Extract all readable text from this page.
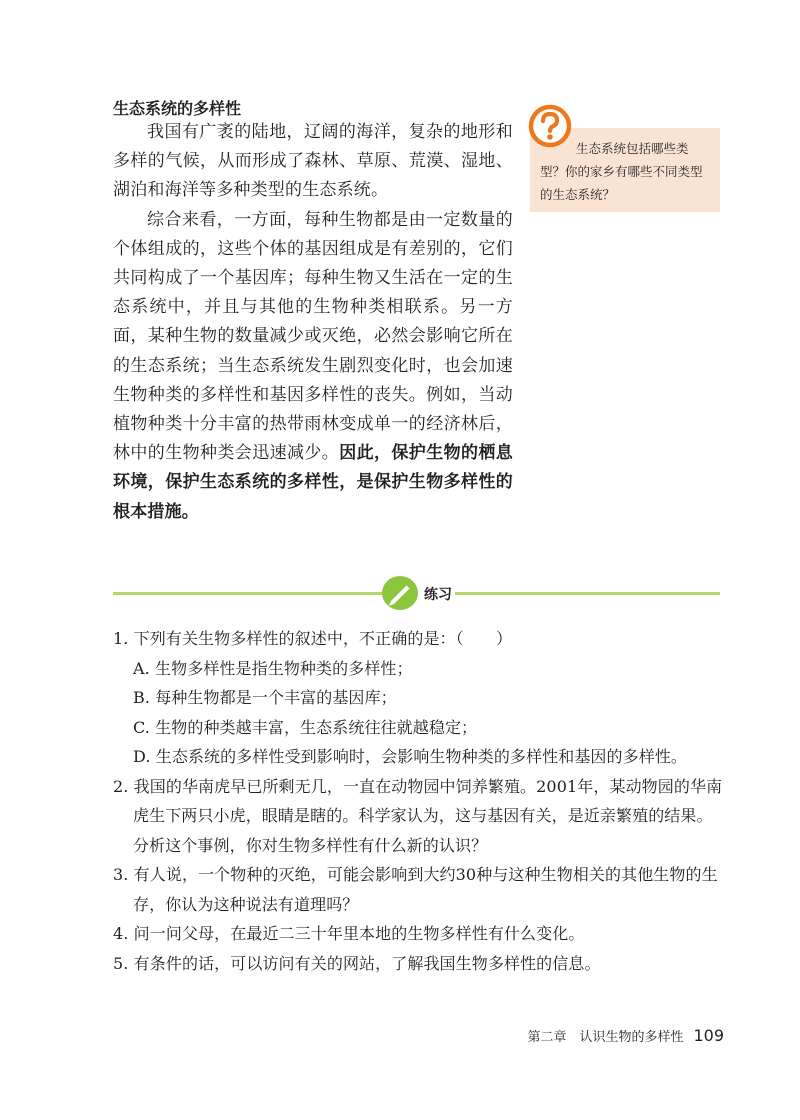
生态系统的多样性

我国有广袤的陆地，辽阔的海洋，复杂的地形和多样的气候，从而形成了森林、草原、荒漠、湿地、湖泊和海洋等多种类型的生态系统。

综合来看，一方面，每种生物都是由一定数量的个体组成的，这些个体的基因组成是有差别的，它们共同构成了一个基因库；每种生物又生活在一定的生态系统中，并且与其他的生物种类相联系。另一方面，某种生物的数量减少或灭绝，必然会影响它所在的生态系统；当生态系统发生剧烈变化时，也会加速生物种类的多样性和基因多样性的丧失。例如，当动植物种类十分丰富的热带雨林变成单一的经济林后，林中的生物种类会迅速减少。因此，保护生物的栖息环境，保护生态系统的多样性，是保护生物多样性的根本措施。

生态系统包括哪些类型？你的家乡有哪些不同类型的生态系统？
练习

1. 下列有关生物多样性的叙述中，不正确的是：（　　）

A. 生物多样性是指生物种类的多样性；

B. 每种生物都是一个丰富的基因库；

C. 生物的种类越丰富，生态系统往往就越稳定；

D. 生态系统的多样性受到影响时，会影响生物种类的多样性和基因的多样性。

2. 我国的华南虎早已所剩无几，一直在动物园中饲养繁殖。2001年，某动物园的华南虎生下两只小虎，眼睛是瞎的。科学家认为，这与基因有关，是近亲繁殖的结果。分析这个事例，你对生物多样性有什么新的认识？

3. 有人说，一个物种的灭绝，可能会影响到大约30种与这种生物相关的其他生物的生存，你认为这种说法有道理吗？

4. 问一问父母，在最近二三十年里本地的生物多样性有什么变化。

5. 有条件的话，可以访问有关的网站，了解我国生物多样性的信息。

第二章　认识生物的多样性 109
